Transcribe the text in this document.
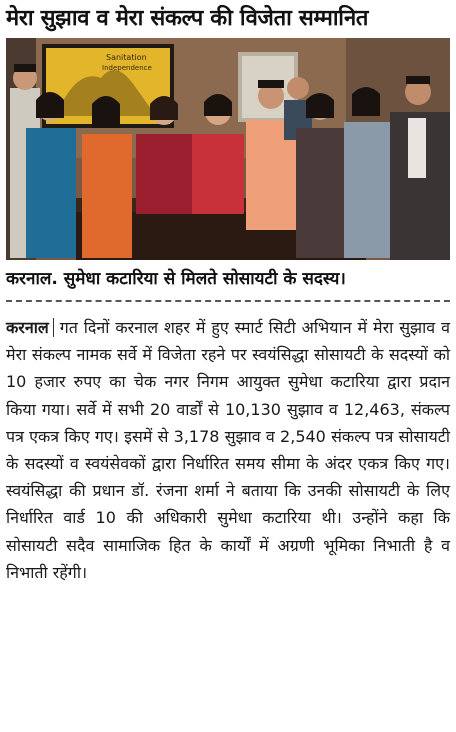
मेरा सुझाव व मेरा संकल्प की विजेता सम्मानित
Sanitation
Independence
करनाल. सुमेधा कटारिया से मिलते सोसायटी के सदस्य।
करनाल गत दिनों करनाल शहर में हुए स्मार्ट सिटी अभियान में मेरा सुझाव व मेरा संकल्प नामक सर्वे में विजेता रहने पर स्वयंसिद्धा सोसायटी के सदस्यों को 10 हजार रुपए का चेक नगर निगम आयुक्त सुमेधा कटारिया द्वारा प्रदान किया गया। सर्वे में सभी 20 वार्डों से 10,130 सुझाव व 12,463, संकल्प पत्र एकत्र किए गए। इसमें से 3,178 सुझाव व 2,540 संकल्प पत्र सोसायटी के सदस्यों व स्वयंसेवकों द्वारा निर्धारित समय सीमा के अंदर एकत्र किए गए। स्वयंसिद्धा की प्रधान डॉ. रंजना शर्मा ने बताया कि उनकी सोसायटी के लिए निर्धारित वार्ड 10 की अधिकारी सुमेधा कटारिया थी। उन्होंने कहा कि सोसायटी सदैव सामाजिक हित के कार्यों में अग्रणी भूमिका निभाती है व निभाती रहेंगी।
